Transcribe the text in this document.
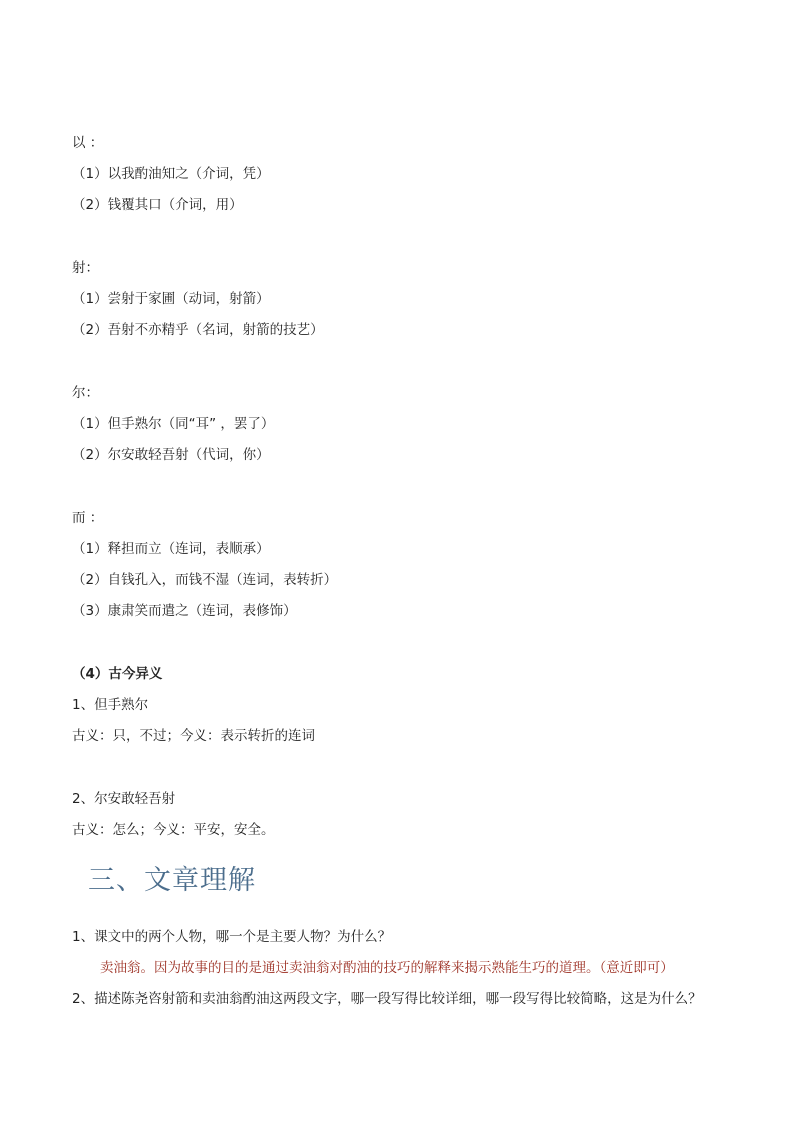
以 ：
（1）以我酌油知之（介词，凭）
（2）钱覆其口（介词，用）
射：
（1）尝射于家圃（动词，射箭）
（2）吾射不亦精乎（名词，射箭的技艺）
尔：
（1）但手熟尔（同“耳” ，罢了）
（2）尔安敢轻吾射（代词，你）
而 ：
（1）释担而立（连词，表顺承）
（2）自钱孔入，而钱不湿（连词，表转折）
（3）康肃笑而遣之（连词，表修饰）
（4）古今异义
1、但手熟尔
古义：只，不过；今义：表示转折的连词
2、尔安敢轻吾射
古义：怎么；今义：平安，安全。
三、文章理解
1、课文中的两个人物，哪一个是主要人物？为什么？
卖油翁。因为故事的目的是通过卖油翁对酌油的技巧的解释来揭示熟能生巧的道理。（意近即可）
2、描述陈尧咨射箭和卖油翁酌油这两段文字，哪一段写得比较详细，哪一段写得比较简略，这是为什么？
